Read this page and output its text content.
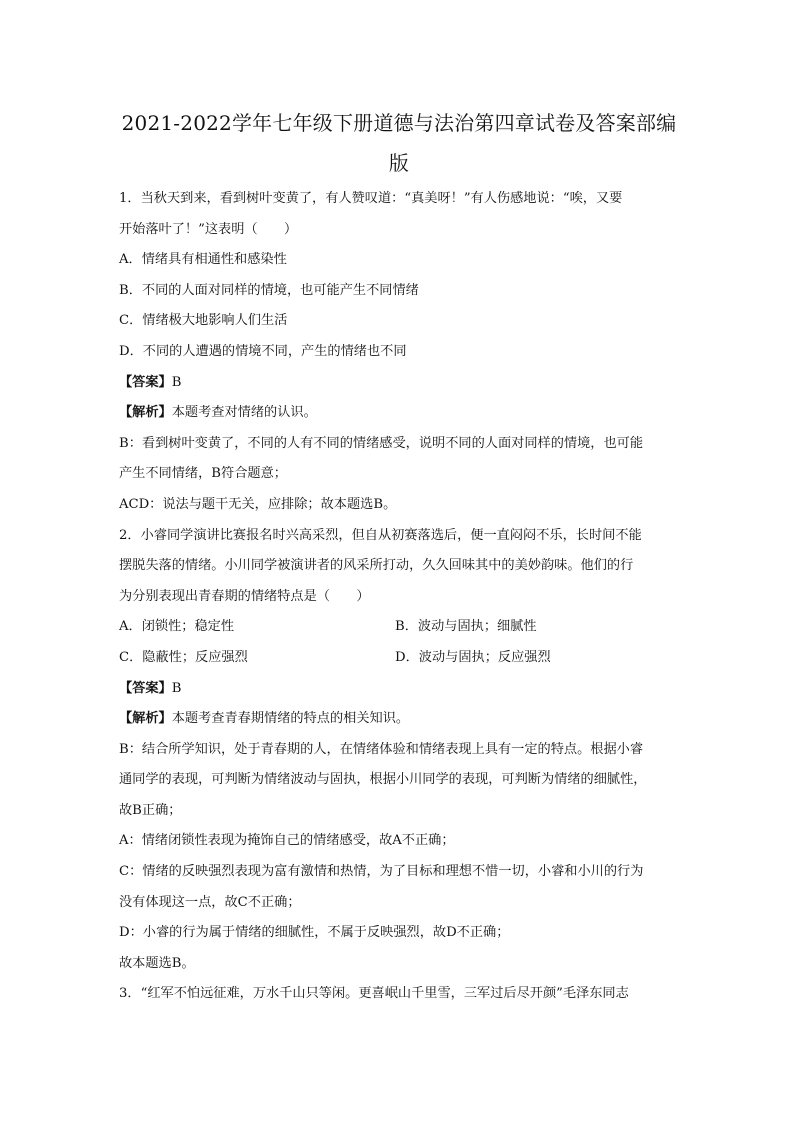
2021-2022学年七年级下册道德与法治第四章试卷及答案部编版
1．当秋天到来，看到树叶变黄了，有人赞叹道：“真美呀！”有人伤感地说：“唉，又要
开始落叶了！”这表明（　　）
A．情绪具有相通性和感染性
B．不同的人面对同样的情境，也可能产生不同情绪
C．情绪极大地影响人们生活
D．不同的人遭遇的情境不同，产生的情绪也不同
【答案】B
【解析】本题考查对情绪的认识。
B：看到树叶变黄了，不同的人有不同的情绪感受，说明不同的人面对同样的情境，也可能
产生不同情绪，B符合题意；
ACD：说法与题干无关，应排除；故本题选B。
2．小睿同学演讲比赛报名时兴高采烈，但自从初赛落选后，便一直闷闷不乐，长时间不能
摆脱失落的情绪。小川同学被演讲者的风采所打动，久久回味其中的美妙韵味。他们的行
为分别表现出青春期的情绪特点是（　　）
A．闭锁性；稳定性	B．波动与固执；细腻性
C．隐蔽性；反应强烈	D．波动与固执；反应强烈
【答案】B
【解析】本题考查青春期情绪的特点的相关知识。
B：结合所学知识，处于青春期的人，在情绪体验和情绪表现上具有一定的特点。根据小睿
通同学的表现，可判断为情绪波动与固执，根据小川同学的表现，可判断为情绪的细腻性，
故B正确；
A：情绪闭锁性表现为掩饰自己的情绪感受，故A不正确；
C：情绪的反映强烈表现为富有激情和热情，为了目标和理想不惜一切，小睿和小川的行为
没有体现这一点，故C不正确；
D：小睿的行为属于情绪的细腻性，不属于反映强烈，故D不正确；
故本题选B。
3．“红军不怕远征难，万水千山只等闲。更喜岷山千里雪，三军过后尽开颜”毛泽东同志
